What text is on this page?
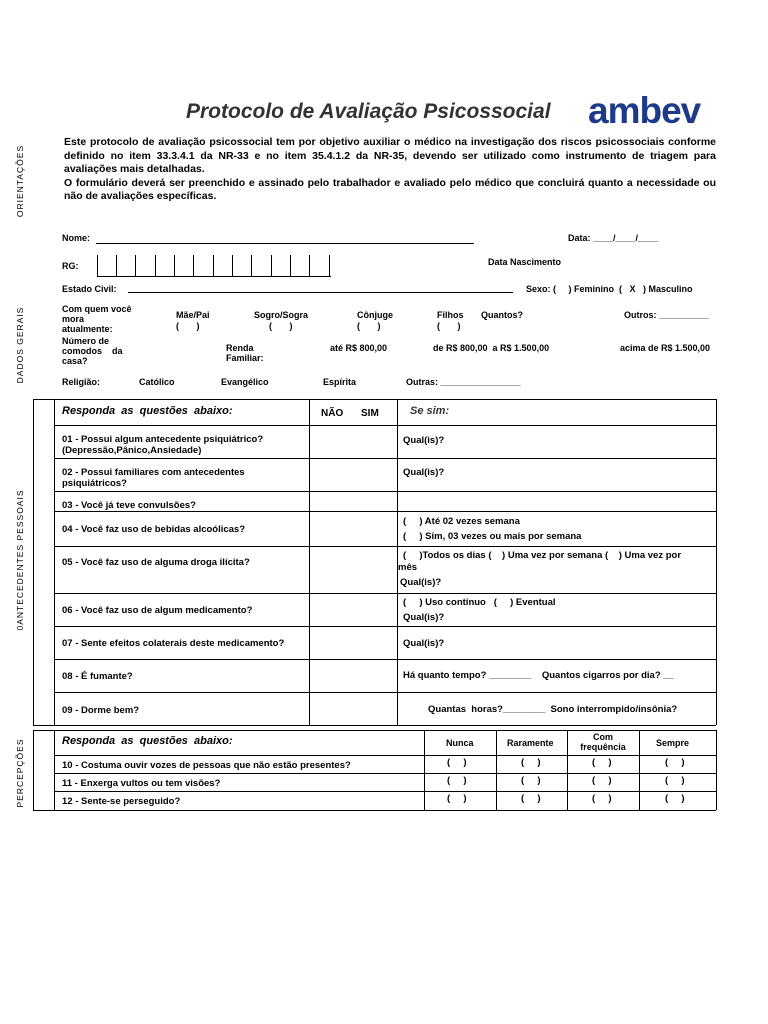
Protocolo de Avaliação Psicossocial ambev
ORIENTAÇÕES
DADOS GERAIS
0ANTECEDENTES PESSOAIS
PERCEPÇÕES
Este protocolo de avaliação psicossocial tem por objetivo auxiliar o médico na investigação dos riscos psicossociais conforme definido no item 33.3.4.1 da NR-33 e no item 35.4.1.2 da NR-35, devendo ser utilizado como instrumento de triagem para avaliações mais detalhadas.
O formulário deverá ser preenchido e assinado pelo trabalhador e avaliado pelo médico que concluirá quanto a necessidade ou não de avaliações específicas.
Nome:	Data: ____/____/____
RG:	Data Nascimento
Estado Civil:	Sexo: (     ) Feminino  (   X   ) Masculino
Com quem você
mora
atualmente:
Mãe/Pai
(       )
Sogro/Sogra
(       )
Cônjuge
(       )
Filhos
(       )
Quantos?	Outros: __________
Número de
comodos    da
casa?
Renda
Familiar:
até R$ 800,00	de R$ 800,00  a R$ 1.500,00	acima de R$ 1.500,00
Religião:	Católico	Evangélico	Espírita	Outras: ________________
Responda  as  questões  abaixo:	NÃO SIM	Se sim:
01 - Possui algum antecedente psiquiátrico?
(Depressão,Pânico,Ansiedade)
Qual(is)?
02 - Possui familiares com antecedentes
psiquiátricos?
Qual(is)?
03 - Você já teve convulsões?
04 - Você faz uso de bebidas alcoólicas?
(     ) Até 02 vezes semana
(     ) Sim, 03 vezes ou mais por semana
05 - Você faz uso de alguma droga ilícita?
(     )Todos os dias (    ) Uma vez por semana (    ) Uma vez por
mês
Qual(is)?
06 - Você faz uso de algum medicamento?
(     ) Uso contínuo   (     ) Eventual
Qual(is)?
07 - Sente efeitos colaterais deste medicamento?	Qual(is)?
08 - É fumante?	Há quanto tempo? ________    Quantos cigarros por dia? __
09 - Dorme bem?	Quantas  horas?________  Sono interrompido/insônia?
Responda  as  questões  abaixo:	Nunca	Raramente
Com
frequência	Sempre
10 - Costuma ouvir vozes de pessoas que não estão presentes?	(     )	(     )	(     )	(     )
11 - Enxerga vultos ou tem visões?	(     )	(     )	(     )	(     )
12 - Sente-se perseguido?	(     )	(     )	(     )	(     )
